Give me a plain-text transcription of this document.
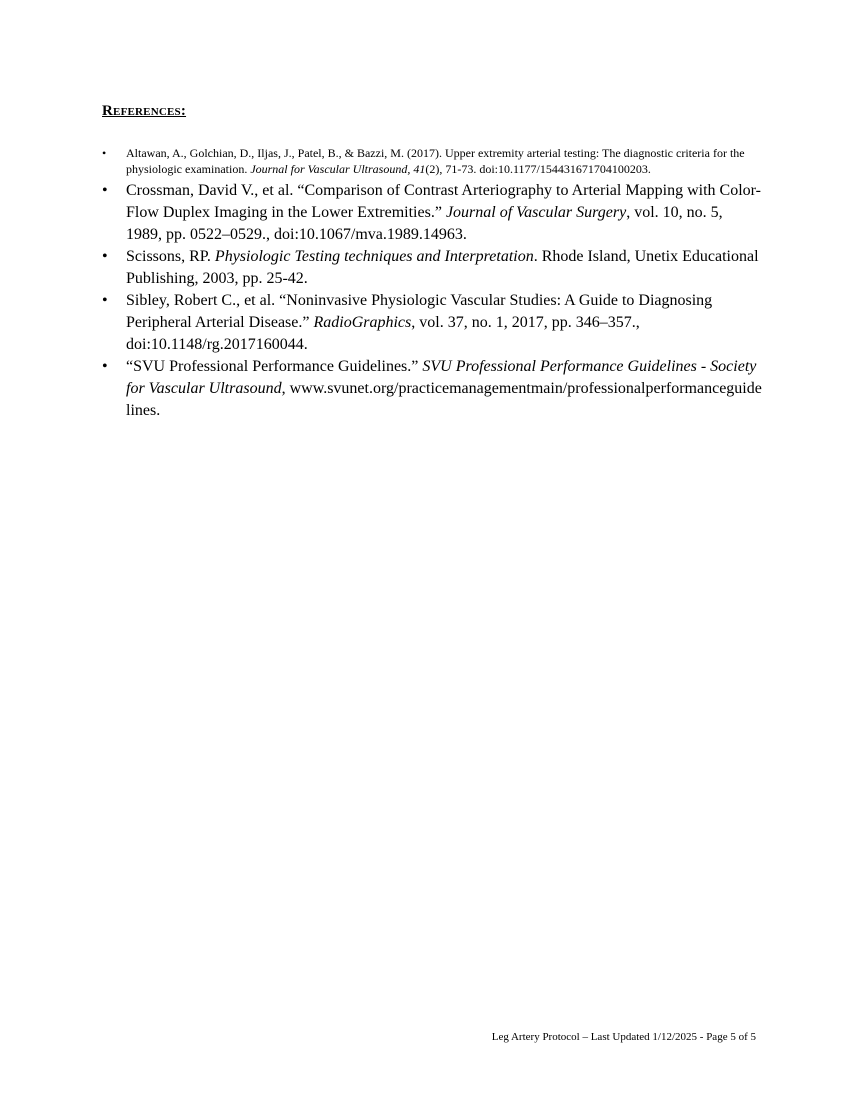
References:
• Altawan, A., Golchian, D., Iljas, J., Patel, B., & Bazzi, M. (2017). Upper extremity arterial testing: The diagnostic criteria for the physiologic examination. Journal for Vascular Ultrasound, 41(2), 71-73. doi:10.1177/154431671704100203.
• Crossman, David V., et al. “Comparison of Contrast Arteriography to Arterial Mapping with Color-Flow Duplex Imaging in the Lower Extremities.” Journal of Vascular Surgery, vol. 10, no. 5, 1989, pp. 0522–0529., doi:10.1067/mva.1989.14963.
• Scissons, RP. Physiologic Testing techniques and Interpretation. Rhode Island, Unetix Educational Publishing, 2003, pp. 25-42.
• Sibley, Robert C., et al. “Noninvasive Physiologic Vascular Studies: A Guide to Diagnosing Peripheral Arterial Disease.” RadioGraphics, vol. 37, no. 1, 2017, pp. 346–357., doi:10.1148/rg.2017160044.
• “SVU Professional Performance Guidelines.” SVU Professional Performance Guidelines - Society for Vascular Ultrasound, www.svunet.org/practicemanagementmain/professionalperformanceguidelines.
Leg Artery Protocol – Last Updated 1/12/2025 - Page 5 of 5
